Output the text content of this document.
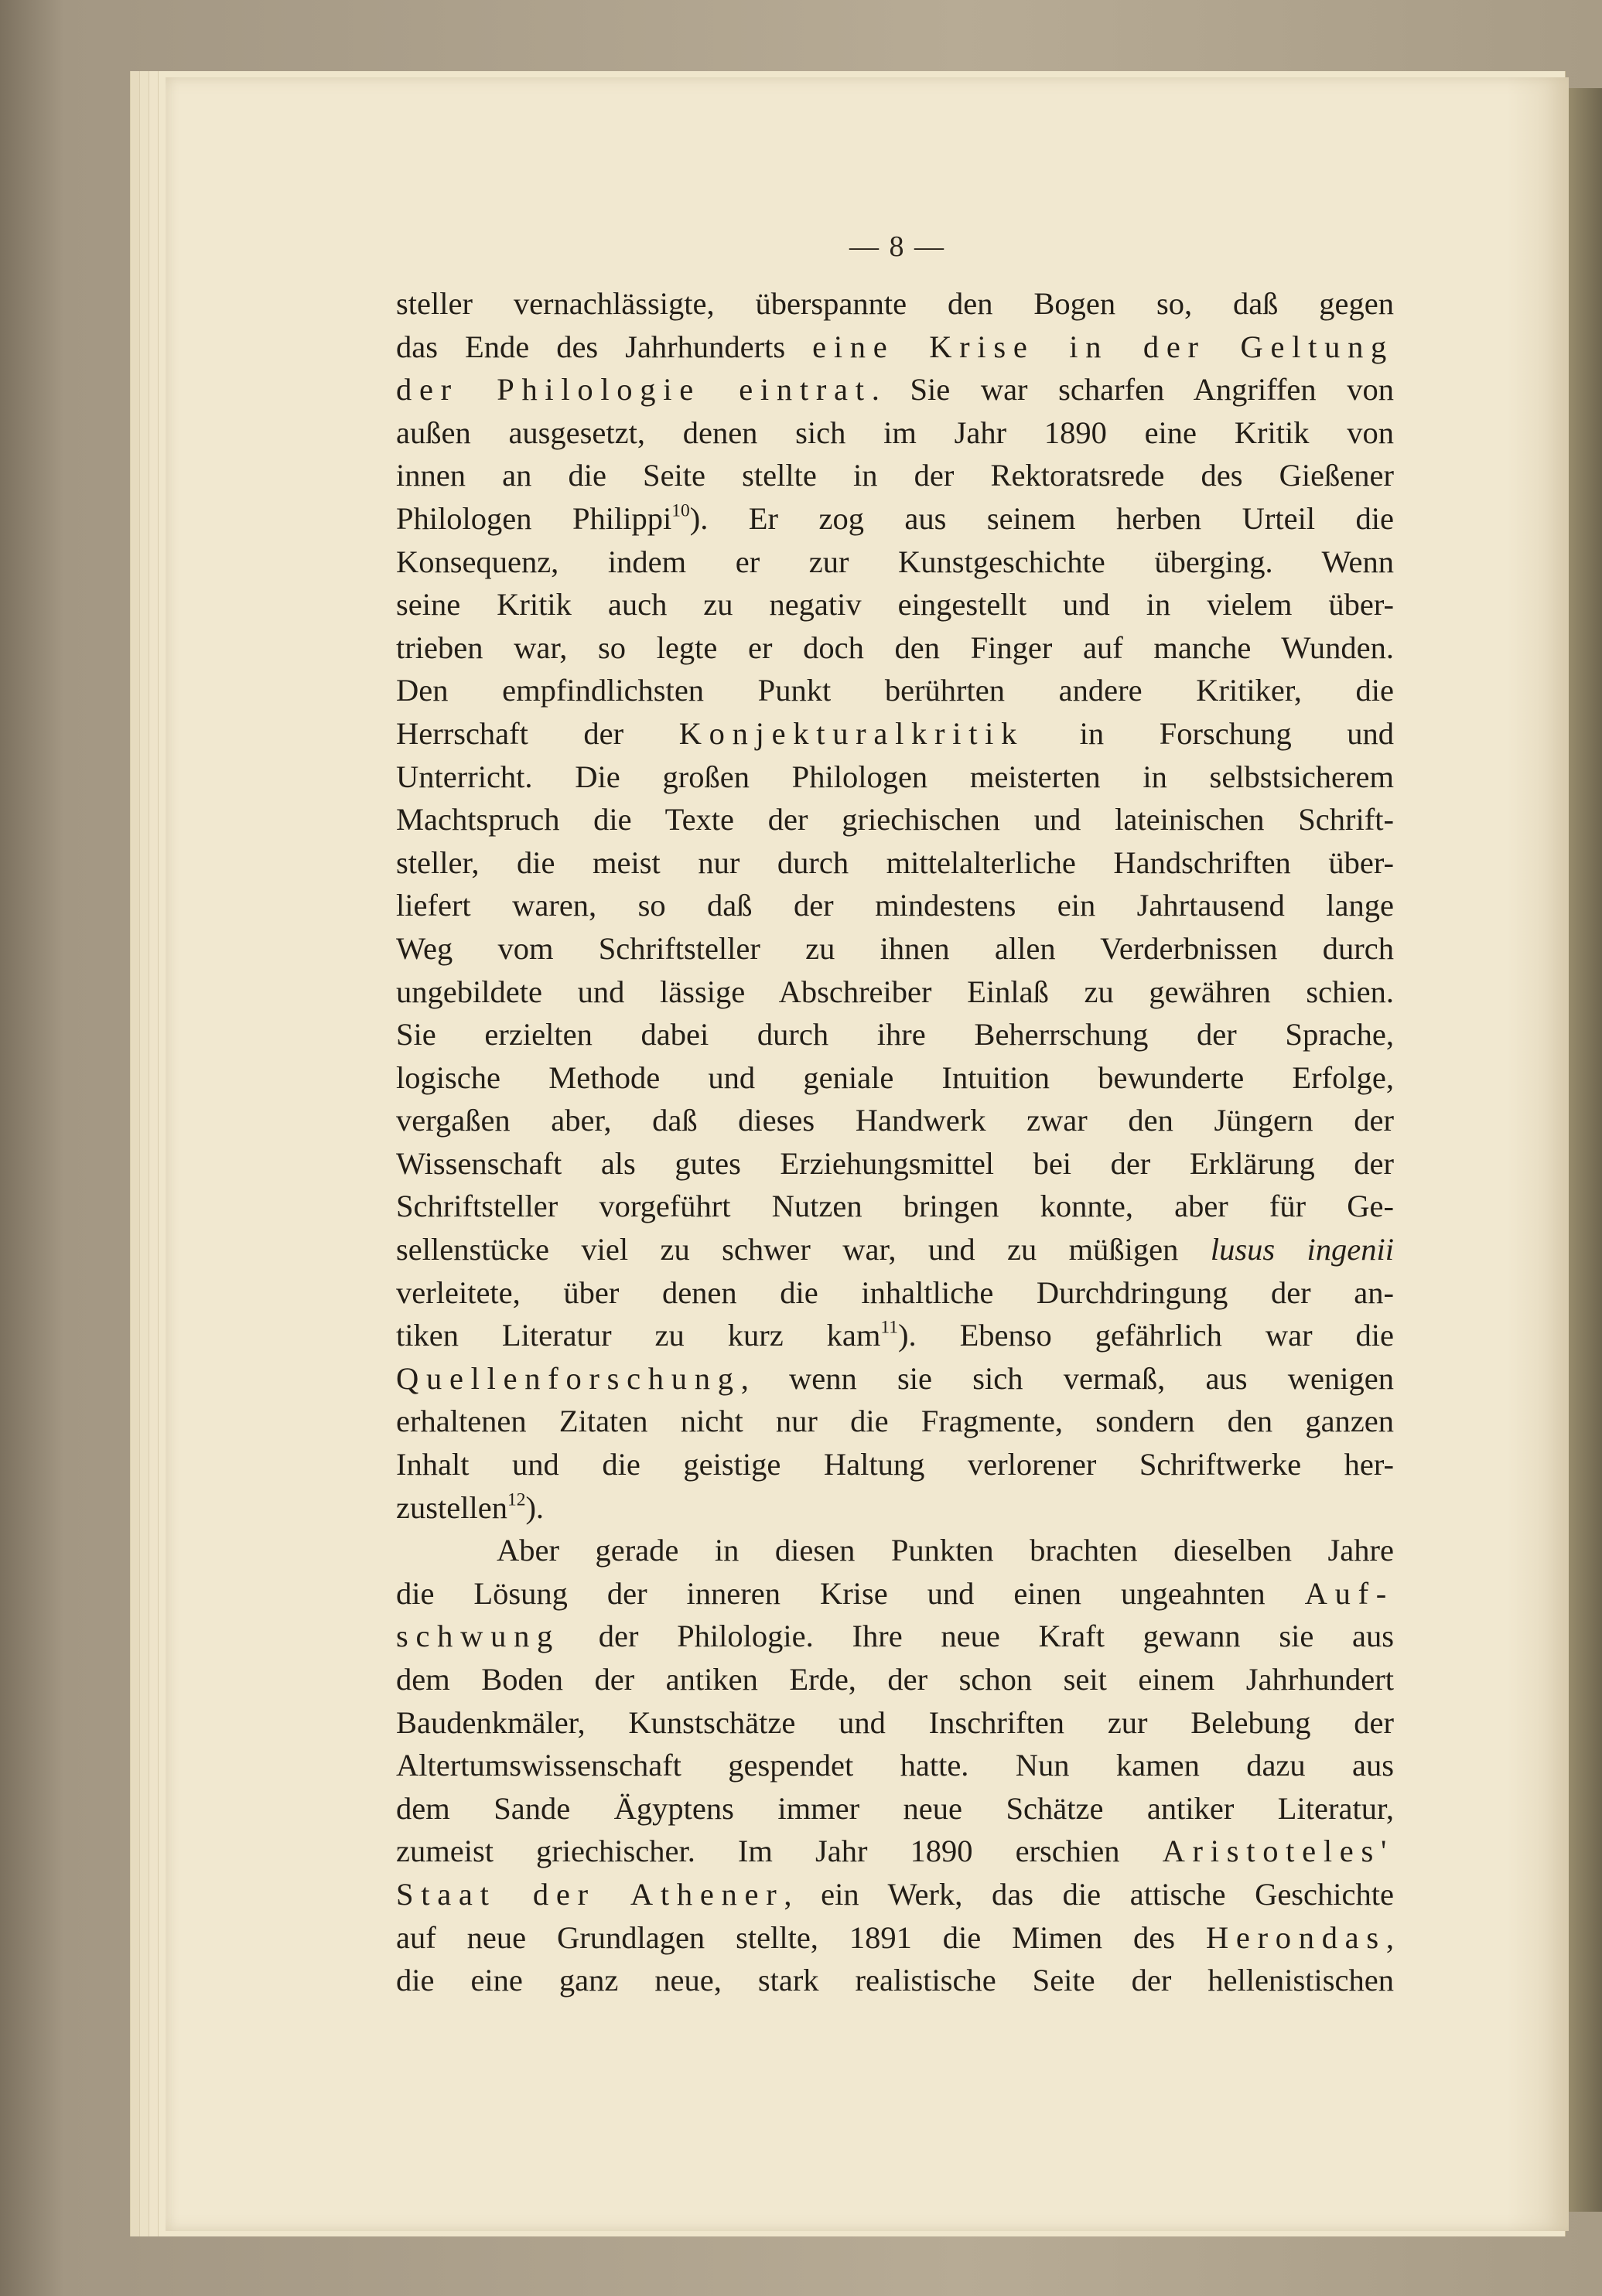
— 8 —
steller vernachlässigte, überspannte den Bogen so, daß gegen
das Ende des Jahrhunderts eine Krise in der Geltung
der Philologie eintrat. Sie war scharfen Angriffen von
außen ausgesetzt, denen sich im Jahr 1890 eine Kritik von
innen an die Seite stellte in der Rektoratsrede des Gießener
Philologen Philippi$^{10}$). Er zog aus seinem herben Urteil die
Konsequenz, indem er zur Kunstgeschichte überging. Wenn
seine Kritik auch zu negativ eingestellt und in vielem über-
trieben war, so legte er doch den Finger auf manche Wunden.
Den empfindlichsten Punkt berührten andere Kritiker, die
Herrschaft der Konjekturalkritik in Forschung und
Unterricht. Die großen Philologen meisterten in selbstsicherem
Machtspruch die Texte der griechischen und lateinischen Schrift-
steller, die meist nur durch mittelalterliche Handschriften über-
liefert waren, so daß der mindestens ein Jahrtausend lange
Weg vom Schriftsteller zu ihnen allen Verderbnissen durch
ungebildete und lässige Abschreiber Einlaß zu gewähren schien.
Sie erzielten dabei durch ihre Beherrschung der Sprache,
logische Methode und geniale Intuition bewunderte Erfolge,
vergaßen aber, daß dieses Handwerk zwar den Jüngern der
Wissenschaft als gutes Erziehungsmittel bei der Erklärung der
Schriftsteller vorgeführt Nutzen bringen konnte, aber für Ge-
sellenstücke viel zu schwer war, und zu müßigen lusus ingenii
verleitete, über denen die inhaltliche Durchdringung der an-
tiken Literatur zu kurz kam$^{11}$). Ebenso gefährlich war die
Quellenforschung, wenn sie sich vermaß, aus wenigen
erhaltenen Zitaten nicht nur die Fragmente, sondern den ganzen
Inhalt und die geistige Haltung verlorener Schriftwerke her-
zustellen$^{12}$).
Aber gerade in diesen Punkten brachten dieselben Jahre
die Lösung der inneren Krise und einen ungeahnten Auf-
schwung der Philologie. Ihre neue Kraft gewann sie aus
dem Boden der antiken Erde, der schon seit einem Jahrhundert
Baudenkmäler, Kunstschätze und Inschriften zur Belebung der
Altertumswissenschaft gespendet hatte. Nun kamen dazu aus
dem Sande Ägyptens immer neue Schätze antiker Literatur,
zumeist griechischer. Im Jahr 1890 erschien Aristoteles'
Staat der Athener, ein Werk, das die attische Geschichte
auf neue Grundlagen stellte, 1891 die Mimen des Herondas,
die eine ganz neue, stark realistische Seite der hellenistischen
